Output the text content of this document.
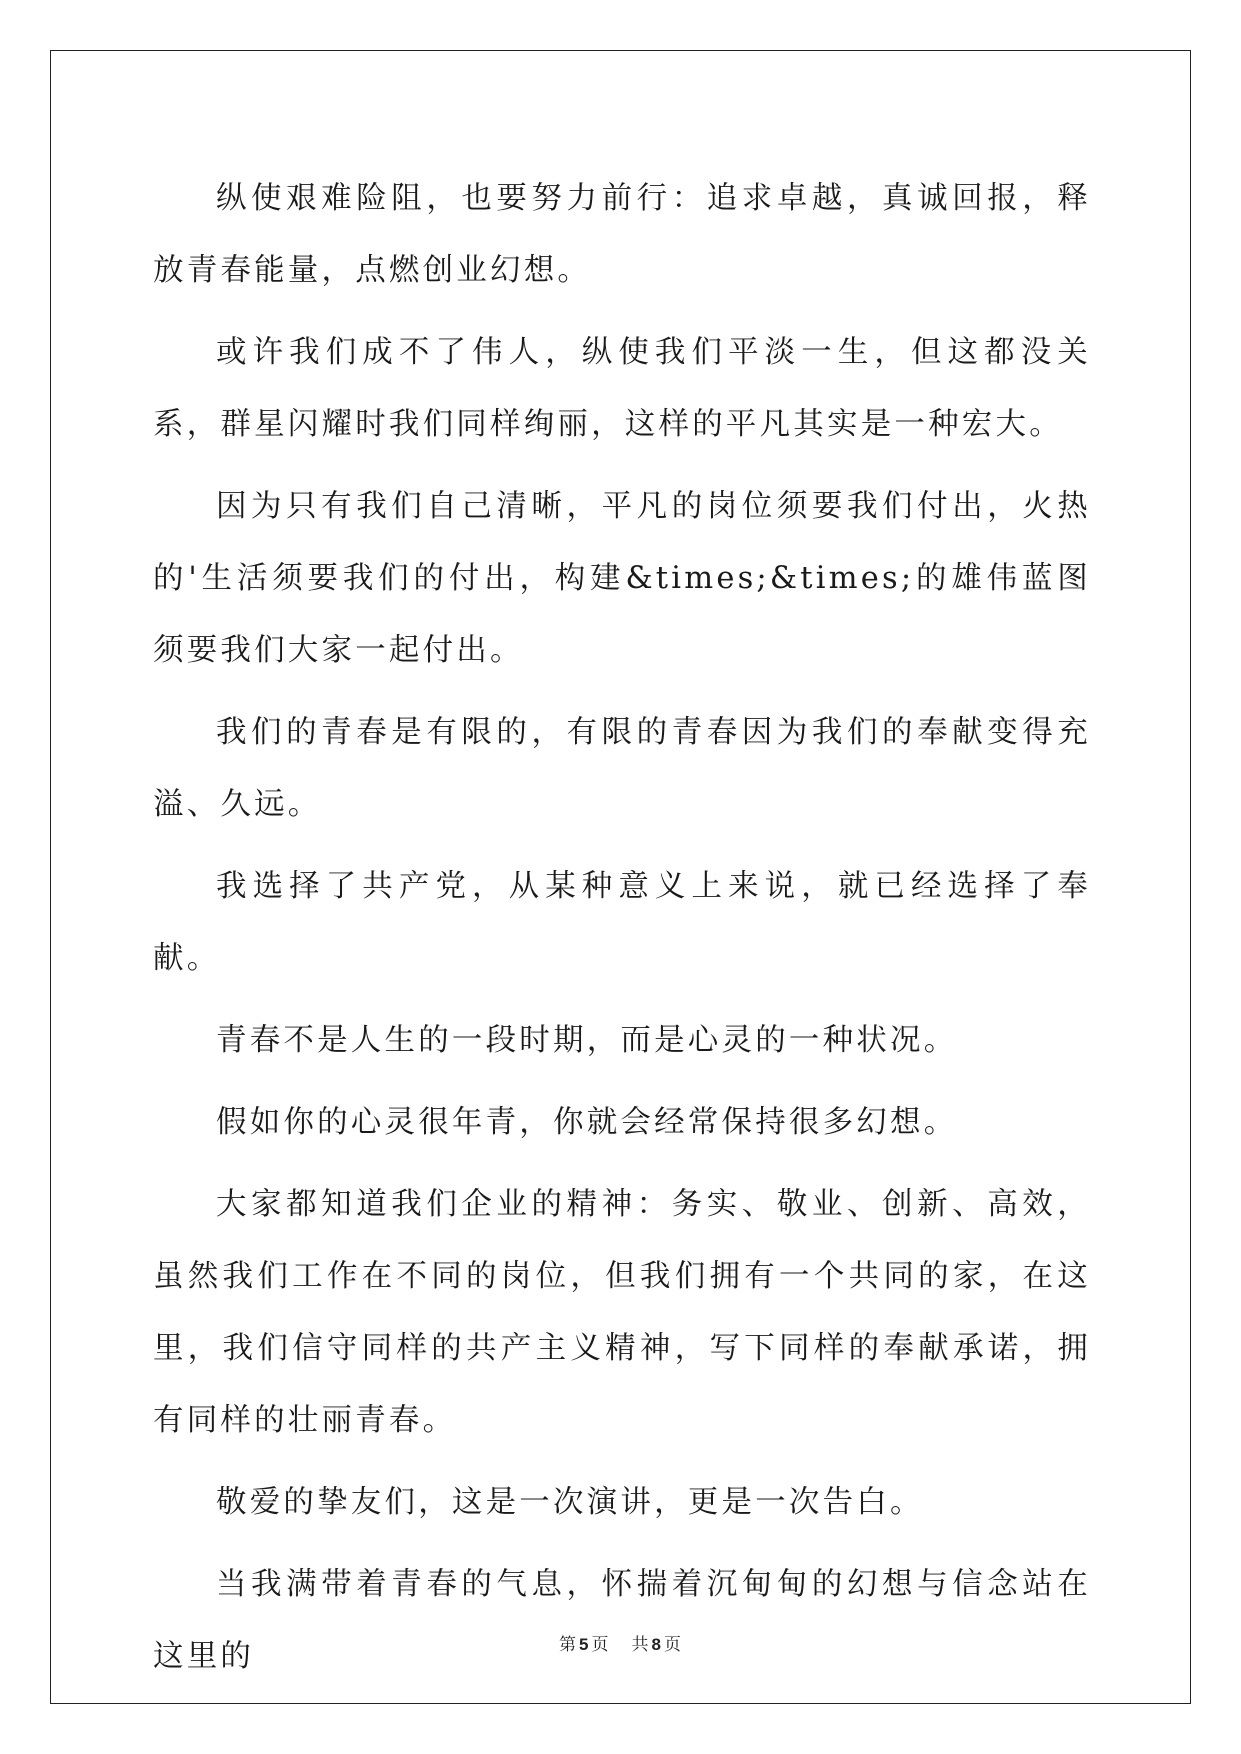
纵使艰难险阻，也要努力前行：追求卓越，真诚回报，释放青春能量，点燃创业幻想。

或许我们成不了伟人，纵使我们平淡一生，但这都没关系，群星闪耀时我们同样绚丽，这样的平凡其实是一种宏大。

因为只有我们自己清晰，平凡的岗位须要我们付出，火热的'生活须要我们的付出，构建&times;&times;的雄伟蓝图须要我们大家一起付出。

我们的青春是有限的，有限的青春因为我们的奉献变得充溢、久远。

我选择了共产党，从某种意义上来说，就已经选择了奉献。

青春不是人生的一段时期，而是心灵的一种状况。

假如你的心灵很年青，你就会经常保持很多幻想。

大家都知道我们企业的精神：务实、敬业、创新、高效，虽然我们工作在不同的岗位，但我们拥有一个共同的家，在这里，我们信守同样的共产主义精神，写下同样的奉献承诺，拥有同样的壮丽青春。

敬爱的挚友们，这是一次演讲，更是一次告白。

当我满带着青春的气息，怀揣着沉甸甸的幻想与信念站在这里的	第 5 页 共 8 页
